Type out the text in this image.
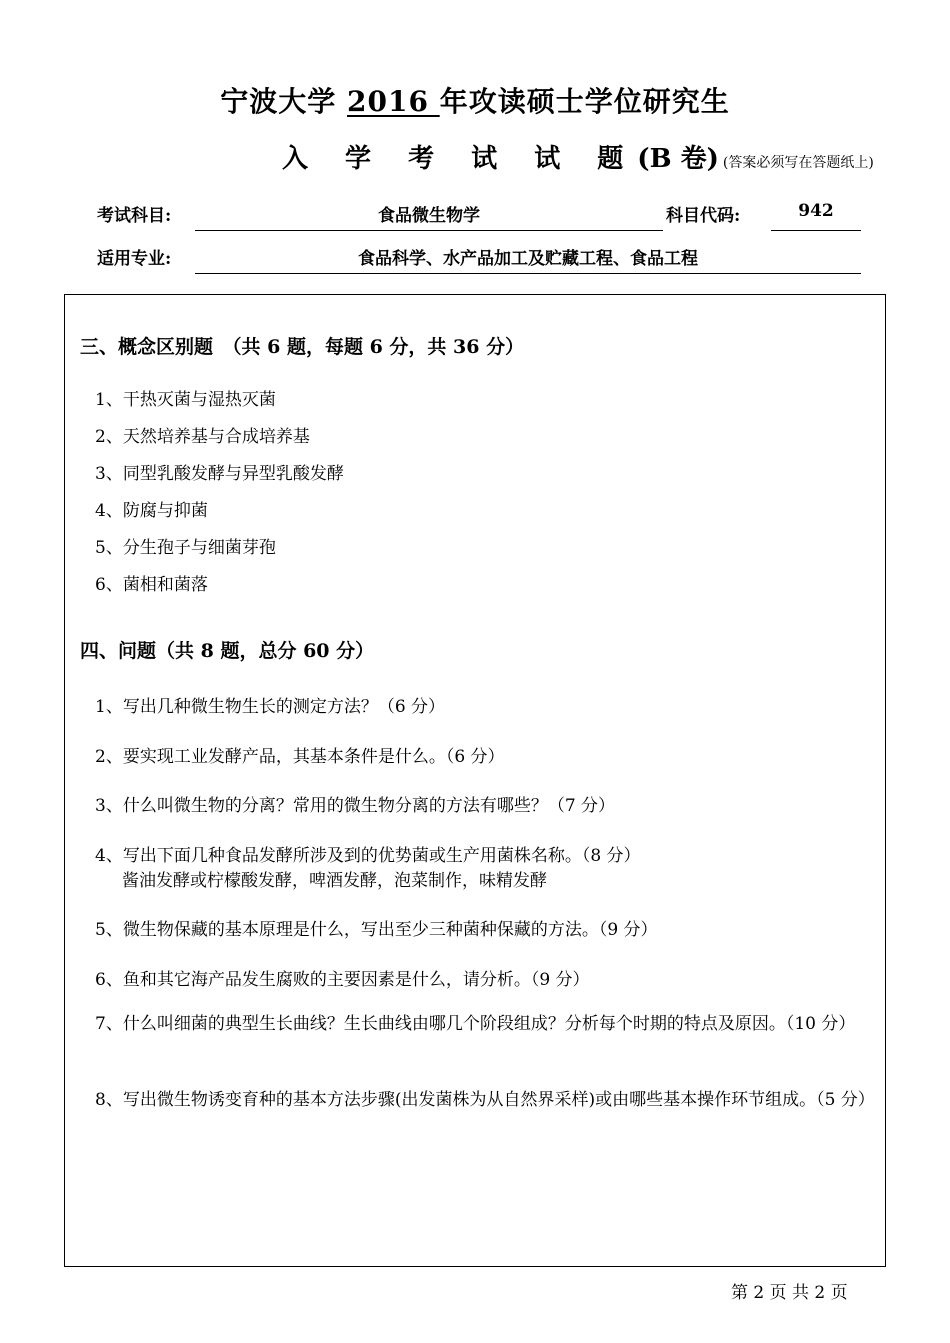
宁波大学 2016 年攻读硕士学位研究生
入 学 考 试 试 题(B 卷) (答案必须写在答题纸上)
考试科目:	食品微生物学	科目代码:	942
适用专业:	食品科学、水产品加工及贮藏工程、食品工程
三、概念区别题　（共 6 题，每题 6 分，共 36 分）
1、干热灭菌与湿热灭菌
2、天然培养基与合成培养基
3、同型乳酸发酵与异型乳酸发酵
4、防腐与抑菌
5、分生孢子与细菌芽孢
6、菌相和菌落
四、问题（共 8 题，总分 60 分）
1、写出几种微生物生长的测定方法？（6 分）
2、要实现工业发酵产品，其基本条件是什么。（6 分）
3、什么叫微生物的分离？常用的微生物分离的方法有哪些？（7 分）
4、写出下面几种食品发酵所涉及到的优势菌或生产用菌株名称。（8 分）
酱油发酵或柠檬酸发酵，啤酒发酵，泡菜制作，味精发酵
5、微生物保藏的基本原理是什么，写出至少三种菌种保藏的方法。（9 分）
6、鱼和其它海产品发生腐败的主要因素是什么，请分析。（9 分）
7、什么叫细菌的典型生长曲线？生长曲线由哪几个阶段组成？分析每个时期的特点及原因。（10 分）
8、写出微生物诱变育种的基本方法步骤(出发菌株为从自然界采样)或由哪些基本操作环节组成。（5 分）
第 2 页 共 2 页
